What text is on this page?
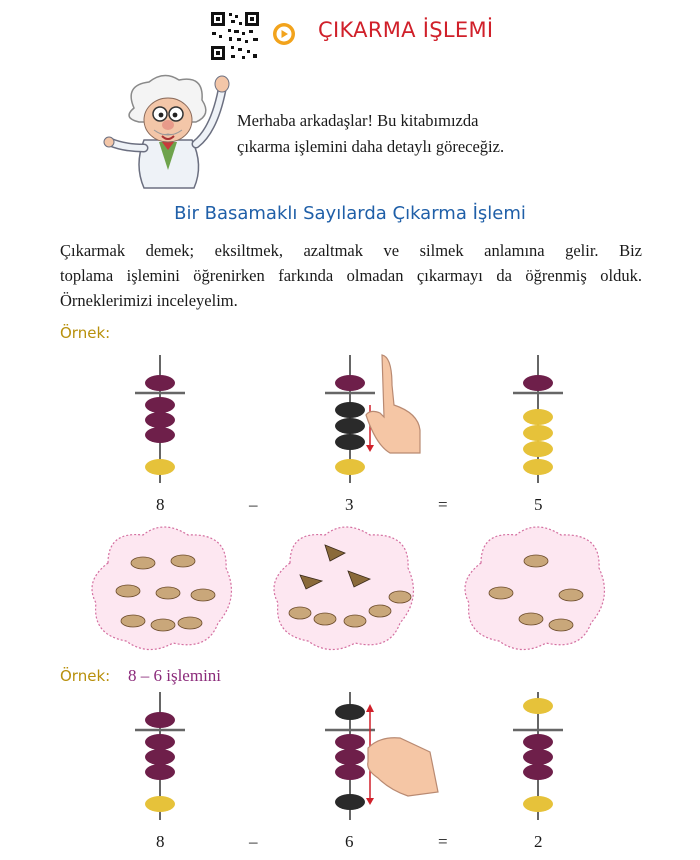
ÇIKARMA İŞLEMİ
Merhaba arkadaşlar! Bu kitabımızda
çıkarma işlemini daha detaylı göreceğiz.
Bir Basamaklı Sayılarda Çıkarma İşlemi
Çıkarmak demek; eksiltmek, azaltmak ve silmek anlamına gelir. Biz
toplama işlemini öğrenirken farkında olmadan çıkarmayı da öğrenmiş olduk.
Örneklerimizi inceleyelim.
Örnek:
8	–	3	=	5
Örnek: 8 – 6 işlemini
8	–	6	=	2
